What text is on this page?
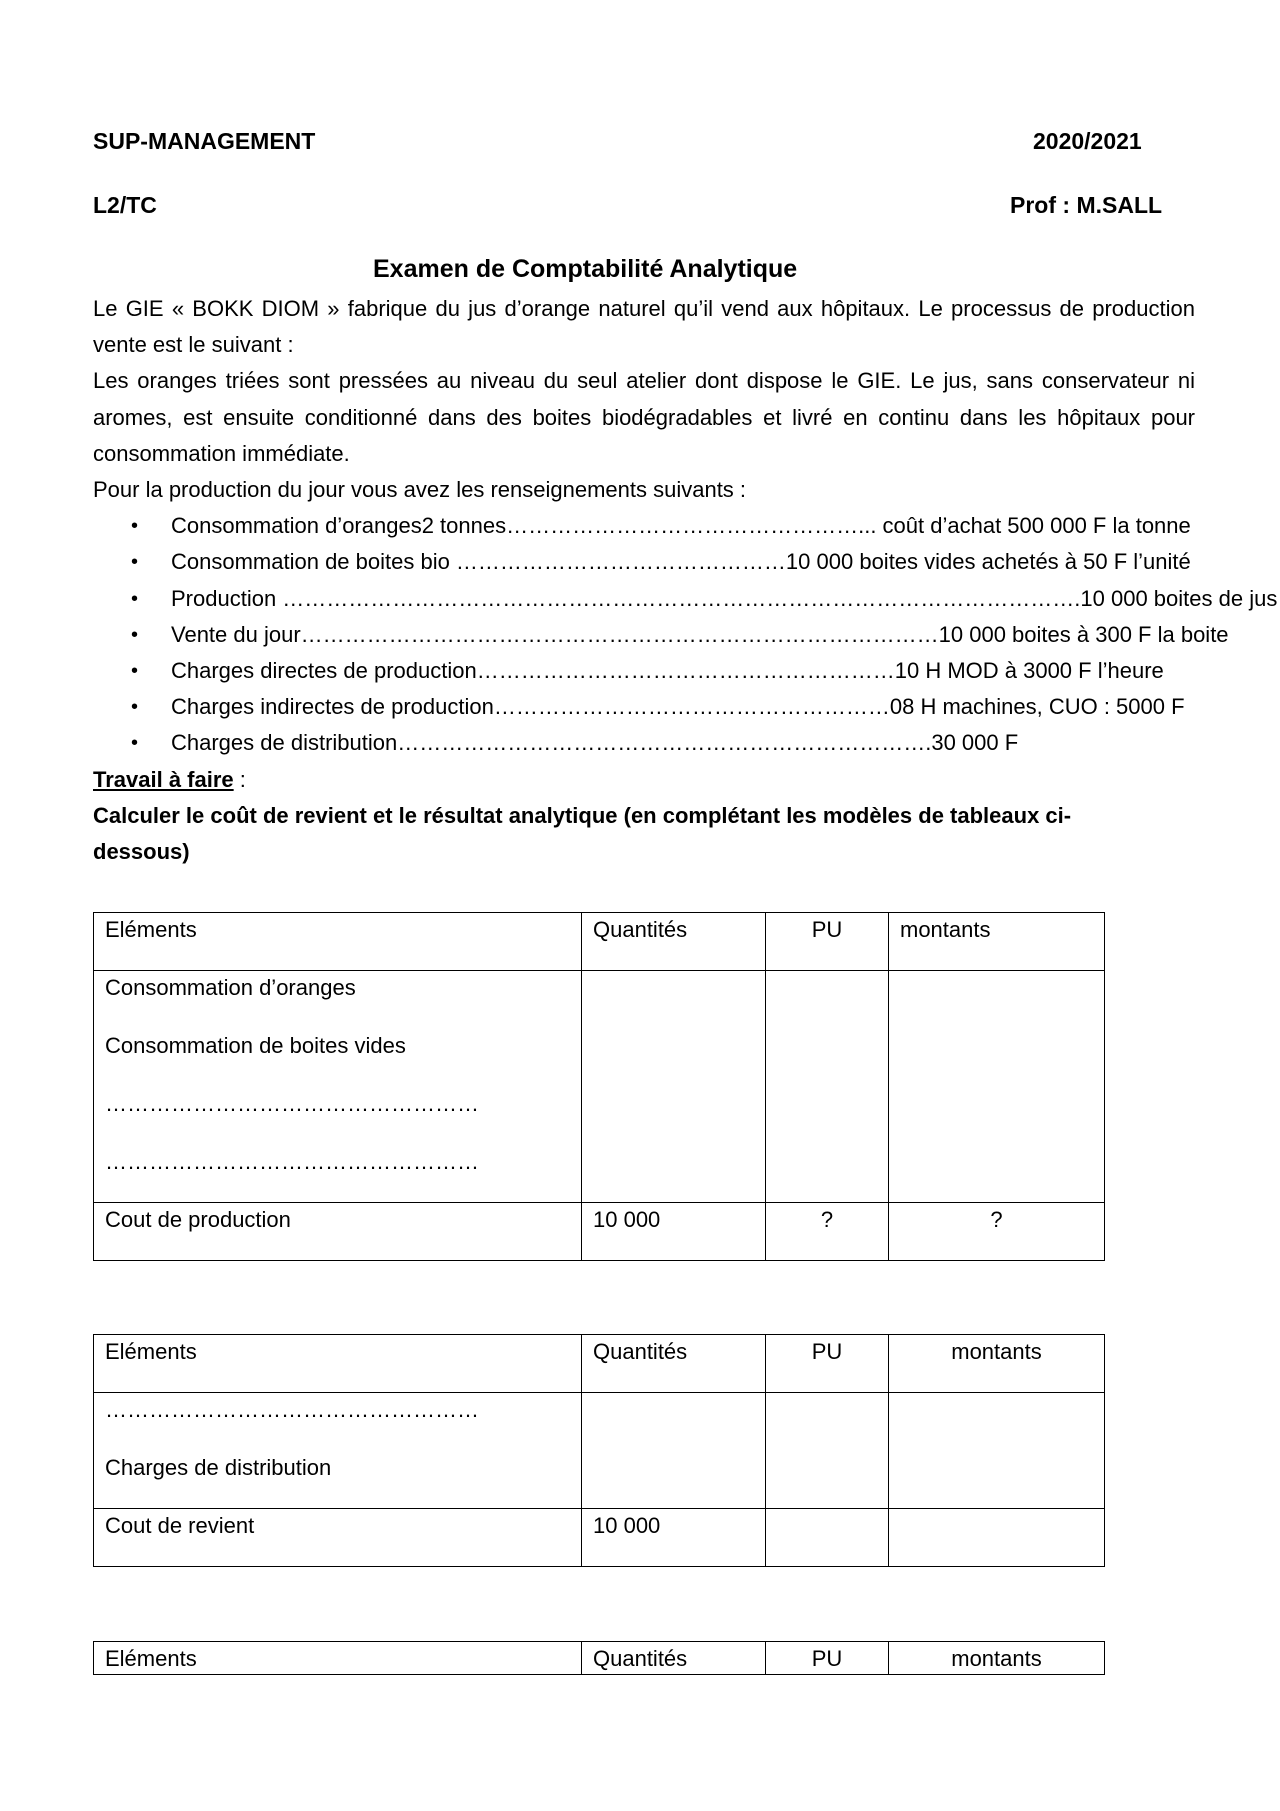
SUP-MANAGEMENT	2020/2021
L2/TC	Prof : M.SALL
Examen de Comptabilité Analytique

Le GIE « BOKK DIOM » fabrique du jus d’orange naturel qu’il vend aux hôpitaux. Le processus de production vente est le suivant :

Les oranges triées sont pressées au niveau du seul atelier dont dispose le GIE. Le jus, sans conservateur ni aromes, est ensuite conditionné dans des boites biodégradables et livré en continu dans les hôpitaux pour consommation immédiate.

Pour la production du jour vous avez les renseignements suivants :

• Consommation d’oranges2 tonnes…………………………………………... coût d’achat 500 000 F la tonne
• Consommation de boites bio ………………………………………10 000 boites vides achetés à 50 F l’unité
• Production ……………………………………………………………………………………………….10 000 boites de jus
• Vente du jour……………………………………………………………………………10 000 boites à 300 F la boite
• Charges directes de production…………………………………………………10 H MOD à 3000 F l’heure
• Charges indirectes de production………………………………………………08 H machines, CUO : 5000 F
• Charges de distribution……………………………………………………………….30 000 F

Travail à faire :

Calculer le coût de revient et le résultat analytique (en complétant les modèles de tableaux ci-dessous)

Eléments	Quantités	PU	montants

Consommation d’oranges
Consommation de boites vides
……………………………………………
……………………………………………			

Cout de production	10 000	?	?
Eléments	Quantités	PU	montants

……………………………………………
Charges de distribution			

Cout de revient	10 000		
Eléments	Quantités	PU	montants
